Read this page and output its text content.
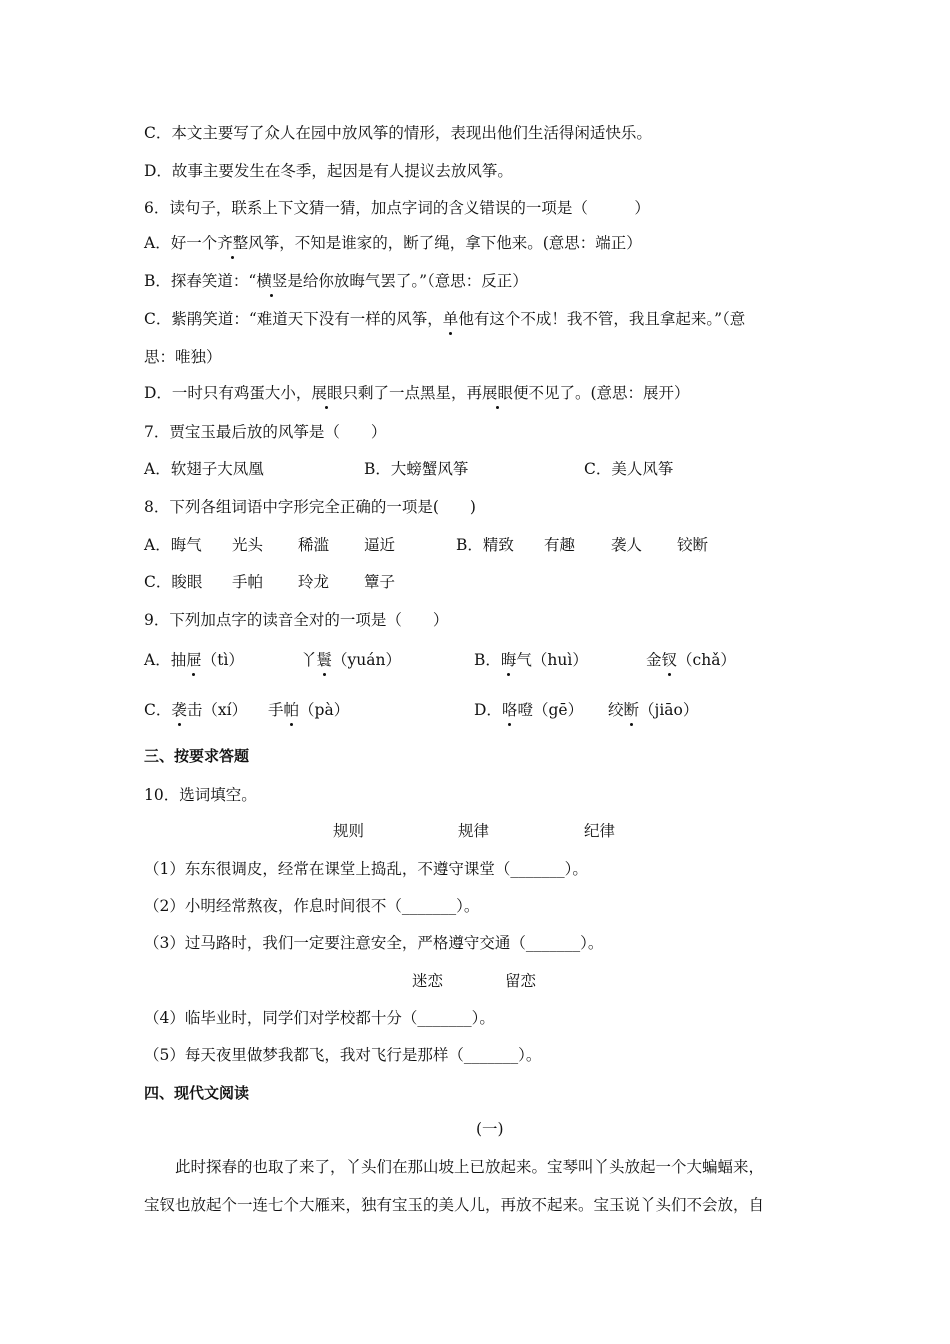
C．本文主要写了众人在园中放风筝的情形，表现出他们生活得闲适快乐。
D．故事主要发生在冬季，起因是有人提议去放风筝。
6．读句子，联系上下文猜一猜，加点字词的含义错误的一项是（　　　）
A．好一个齐整风筝，不知是谁家的，断了绳，拿下他来。(意思：端正）
B．探春笑道：“横竖是给你放晦气罢了。”（意思：反正）
C．紫鹃笑道：“难道天下没有一样的风筝，单他有这个不成！我不管，我且拿起来。”（意
思：唯独）
D．一时只有鸡蛋大小，展眼只剩了一点黑星，再展眼便不见了。(意思：展开）
7．贾宝玉最后放的风筝是（　　）
A．软翅子大凤凰	B．大螃蟹风筝	C．美人风筝
8．下列各组词语中字形完全正确的一项是(　　)
A．晦气 光头 稀滥 逼近	B．精致 有趣 袭人 铰断
C．睃眼 手帕 玲龙 簟子
9．下列加点字的读音全对的一项是（　　）
A．抽屉（tì）	丫鬟（yuán）	B．晦气（huì）	金钗（chǎ）
C．袭击（xí） 手帕（pà）	D．咯噔（gē） 绞断（jiāo）
三、按要求答题
10．选词填空。
规则	规律	纪律
（1）东东很调皮，经常在课堂上捣乱，不遵守课堂（_______）。
（2）小明经常熬夜，作息时间很不（_______）。
（3）过马路时，我们一定要注意安全，严格遵守交通（_______）。
迷恋	留恋
（4）临毕业时，同学们对学校都十分（_______）。
（5）每天夜里做梦我都飞，我对飞行是那样（_______）。
四、现代文阅读
(一)
此时探春的也取了来了，丫头们在那山坡上已放起来。宝琴叫丫头放起一个大蝙蝠来，
宝钗也放起个一连七个大雁来，独有宝玉的美人儿，再放不起来。宝玉说丫头们不会放，自
